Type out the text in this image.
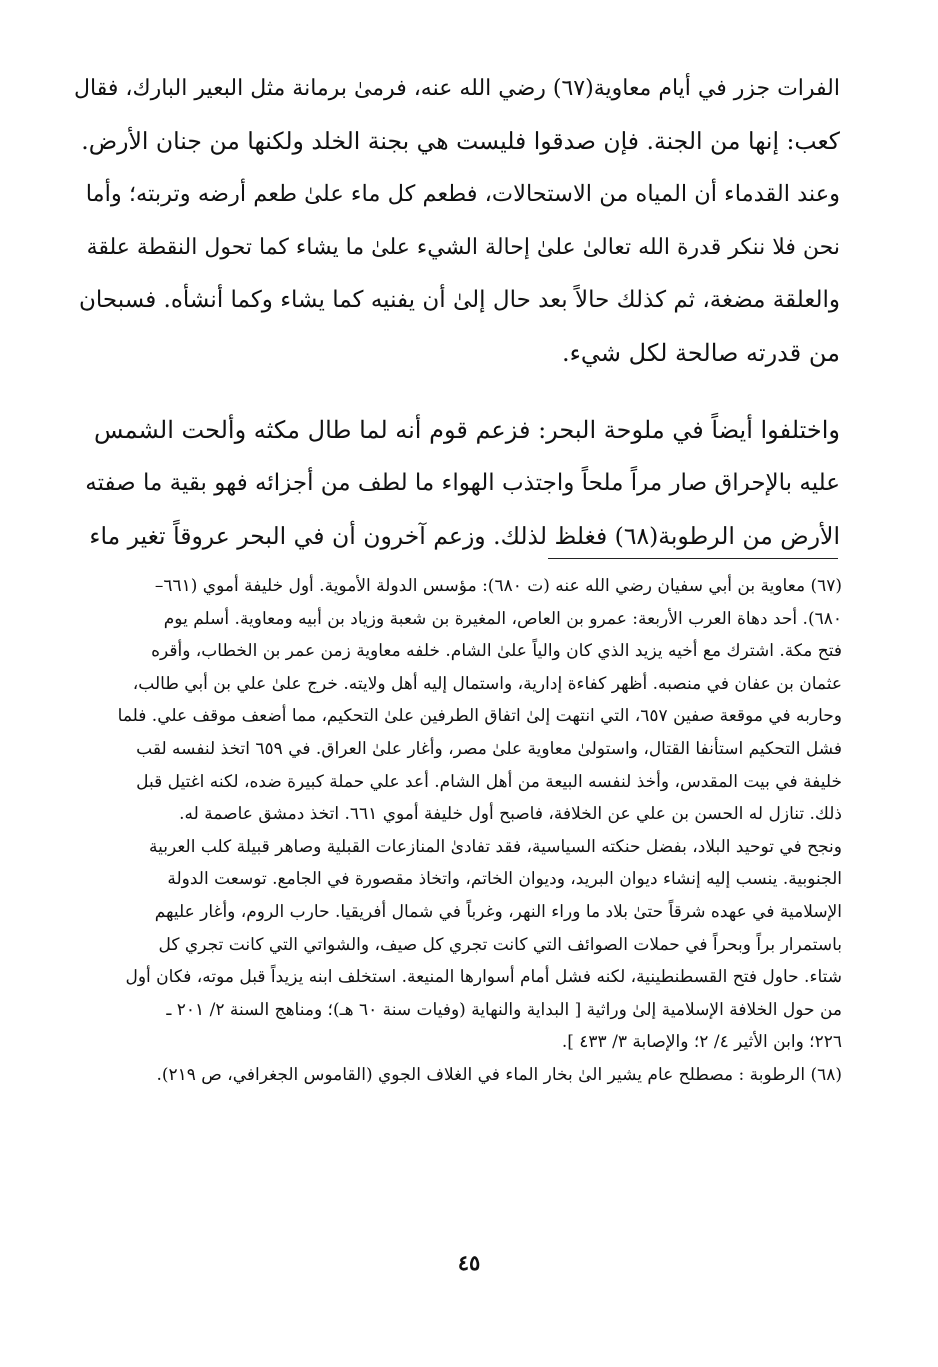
الفرات جزر في أيام معاوية(٦٧) رضي الله عنه، فرمىٰ برمانة مثل البعير البارك، فقال

كعب: إنها من الجنة. فإن صدقوا فليست هي بجنة الخلد ولكنها من جنان الأرض.

وعند القدماء أن المياه من الاستحالات، فطعم كل ماء علىٰ طعم أرضه وتربته؛ وأما

نحن فلا ننكر قدرة الله تعالىٰ علىٰ إحالة الشيء علىٰ ما يشاء كما تحول النقطة علقة

والعلقة مضغة، ثم كذلك حالاً بعد حال إلىٰ أن يفنيه كما يشاء وكما أنشأه. فسبحان

من قدرته صالحة لكل شيء.

واختلفوا أيضاً في ملوحة البحر: فزعم قوم أنه لما طال مكثه وألحت الشمس

عليه بالإحراق صار مراً ملحاً واجتذب الهواء ما لطف من أجزائه فهو بقية ما صفته

الأرض من الرطوبة(٦٨) فغلظ لذلك. وزعم آخرون أن في البحر عروقاً تغير ماء

(٦٧) معاوية بن أبي سفيان رضي الله عنه (ت ٦٨٠): مؤسس الدولة الأموية. أول خليفة أموي (٦٦١–

٦٨٠). أحد دهاة العرب الأربعة: عمرو بن العاص، المغيرة بن شعبة وزياد بن أبيه ومعاوية. أسلم يوم

فتح مكة. اشترك مع أخيه يزيد الذي كان والياً علىٰ الشام. خلفه معاوية زمن عمر بن الخطاب، وأقره

عثمان بن عفان في منصبه. أظهر كفاءة إدارية، واستمال إليه أهل ولايته. خرج علىٰ علي بن أبي طالب،

وحاربه في موقعة صفين ٦٥٧، التي انتهت إلىٰ اتفاق الطرفين علىٰ التحكيم، مما أضعف موقف علي. فلما

فشل التحكيم استأنفا القتال، واستولىٰ معاوية علىٰ مصر، وأغار علىٰ العراق. في ٦٥٩ اتخذ لنفسه لقب

خليفة في بيت المقدس، وأخذ لنفسه البيعة من أهل الشام. أعد علي حملة كبيرة ضده، لكنه اغتيل قبل

ذلك. تنازل له الحسن بن علي عن الخلافة، فاصبح أول خليفة أموي ٦٦١. اتخذ دمشق عاصمة له.

ونجح في توحيد البلاد، بفضل حنكته السياسية، فقد تفادىٰ المنازعات القبلية وصاهر قبيلة كلب العربية

الجنوبية. ينسب إليه إنشاء ديوان البريد، وديوان الخاتم، واتخاذ مقصورة في الجامع. توسعت الدولة

الإسلامية في عهده شرقاً حتىٰ بلاد ما وراء النهر، وغرباً في شمال أفريقيا. حارب الروم، وأغار عليهم

باستمرار براً وبحراً في حملات الصوائف التي كانت تجري كل صيف، والشواتي التي كانت تجري كل

شتاء. حاول فتح القسطنطينية، لكنه فشل أمام أسوارها المنيعة. استخلف ابنه يزيداً قبل موته، فكان أول

من حول الخلافة الإسلامية إلىٰ وراثية [ البداية والنهاية (وفيات سنة ٦٠ هـ)؛ ومناهج السنة ٢/ ٢٠١ ـ

٢٢٦؛ وابن الأثير ٤/ ٢؛ والإصابة ٣/ ٤٣٣ ].

(٦٨) الرطوبة : مصطلح عام يشير الىٰ بخار الماء في الغلاف الجوي (القاموس الجغرافي، ص ٢١٩).

٤٥
